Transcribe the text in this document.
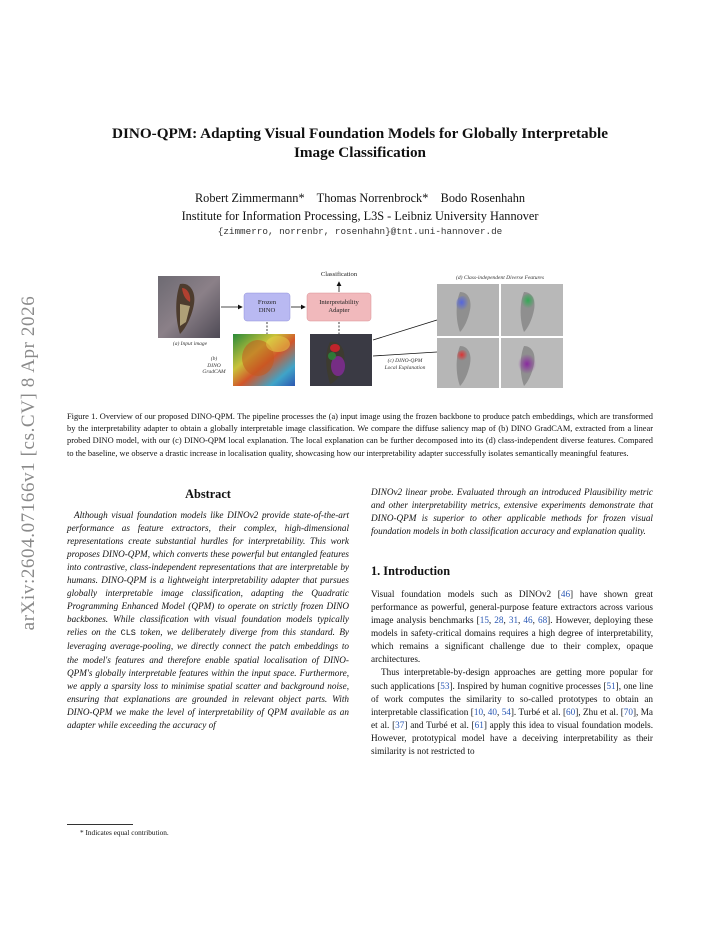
arXiv:2604.07166v1 [cs.CV] 8 Apr 2026
DINO-QPM: Adapting Visual Foundation Models for Globally Interpretable
Image Classification
Robert Zimmermann*    Thomas Norrenbrock*    Bodo Rosenhahn
Institute for Information Processing, L3S - Leibniz University Hannover
{zimmerro, norrenbr, rosenhahn}@tnt.uni-hannover.de
(a) Input image
Frozen
DINO
Interpretability
Adapter
Classification
(b)
DINO
GradCAM
(c) DINO-QPM
Local Explanation
(d) Class-independent Diverse Features
Figure 1. Overview of our proposed DINO-QPM. The pipeline processes the (a) input image using the frozen backbone to produce patch embeddings, which are transformed by the interpretability adapter to obtain a globally interpretable image classification. We compare the diffuse saliency map of (b) DINO GradCAM, extracted from a linear probed DINO model, with our (c) DINO-QPM local explanation. The local explanation can be further decomposed into its (d) class-independent diverse features. Compared to the baseline, we observe a drastic increase in localisation quality, showcasing how our interpretability adapter successfully isolates semantically meaningful features.
Abstract

Although visual foundation models like DINOv2 provide state-of-the-art performance as feature extractors, their complex, high-dimensional representations create substantial hurdles for interpretability. This work proposes DINO-QPM, which converts these powerful but entangled features into contrastive, class-independent representations that are interpretable by humans. DINO-QPM is a lightweight interpretability adapter that pursues globally interpretable image classification, adapting the Quadratic Programming Enhanced Model (QPM) to operate on strictly frozen DINO backbones. While classification with visual foundation models typically relies on the CLS token, we deliberately diverge from this standard. By leveraging average-pooling, we directly connect the patch embeddings to the model's features and therefore enable spatial localisation of DINO-QPM's globally interpretable features within the input space. Furthermore, we apply a sparsity loss to minimise spatial scatter and background noise, ensuring that explanations are grounded in relevant object parts. With DINO-QPM we make the level of interpretability of QPM available as an adapter while exceeding the accuracy of

DINOv2 linear probe. Evaluated through an introduced Plausibility metric and other interpretability metrics, extensive experiments demonstrate that DINO-QPM is superior to other applicable methods for frozen visual foundation models in both classification accuracy and explanation quality.

1. Introduction

Visual foundation models such as DINOv2 [46] have shown great performance as powerful, general-purpose feature extractors across various image analysis benchmarks [15, 28, 31, 46, 68]. However, deploying these models in safety-critical domains requires a high degree of interpretability, which remains a significant challenge due to their complex, opaque architectures.

Thus interpretable-by-design approaches are getting more popular for such applications [53]. Inspired by human cognitive processes [51], one line of work computes the similarity to so-called prototypes to obtain an interpretable classification [10, 40, 54]. Turbé et al. [60], Zhu et al. [70], Ma et al. [37] and Turbé et al. [61] apply this idea to visual foundation models. However, prototypical model have a deceiving interpretability as their similarity is not restricted to

* Indicates equal contribution.
